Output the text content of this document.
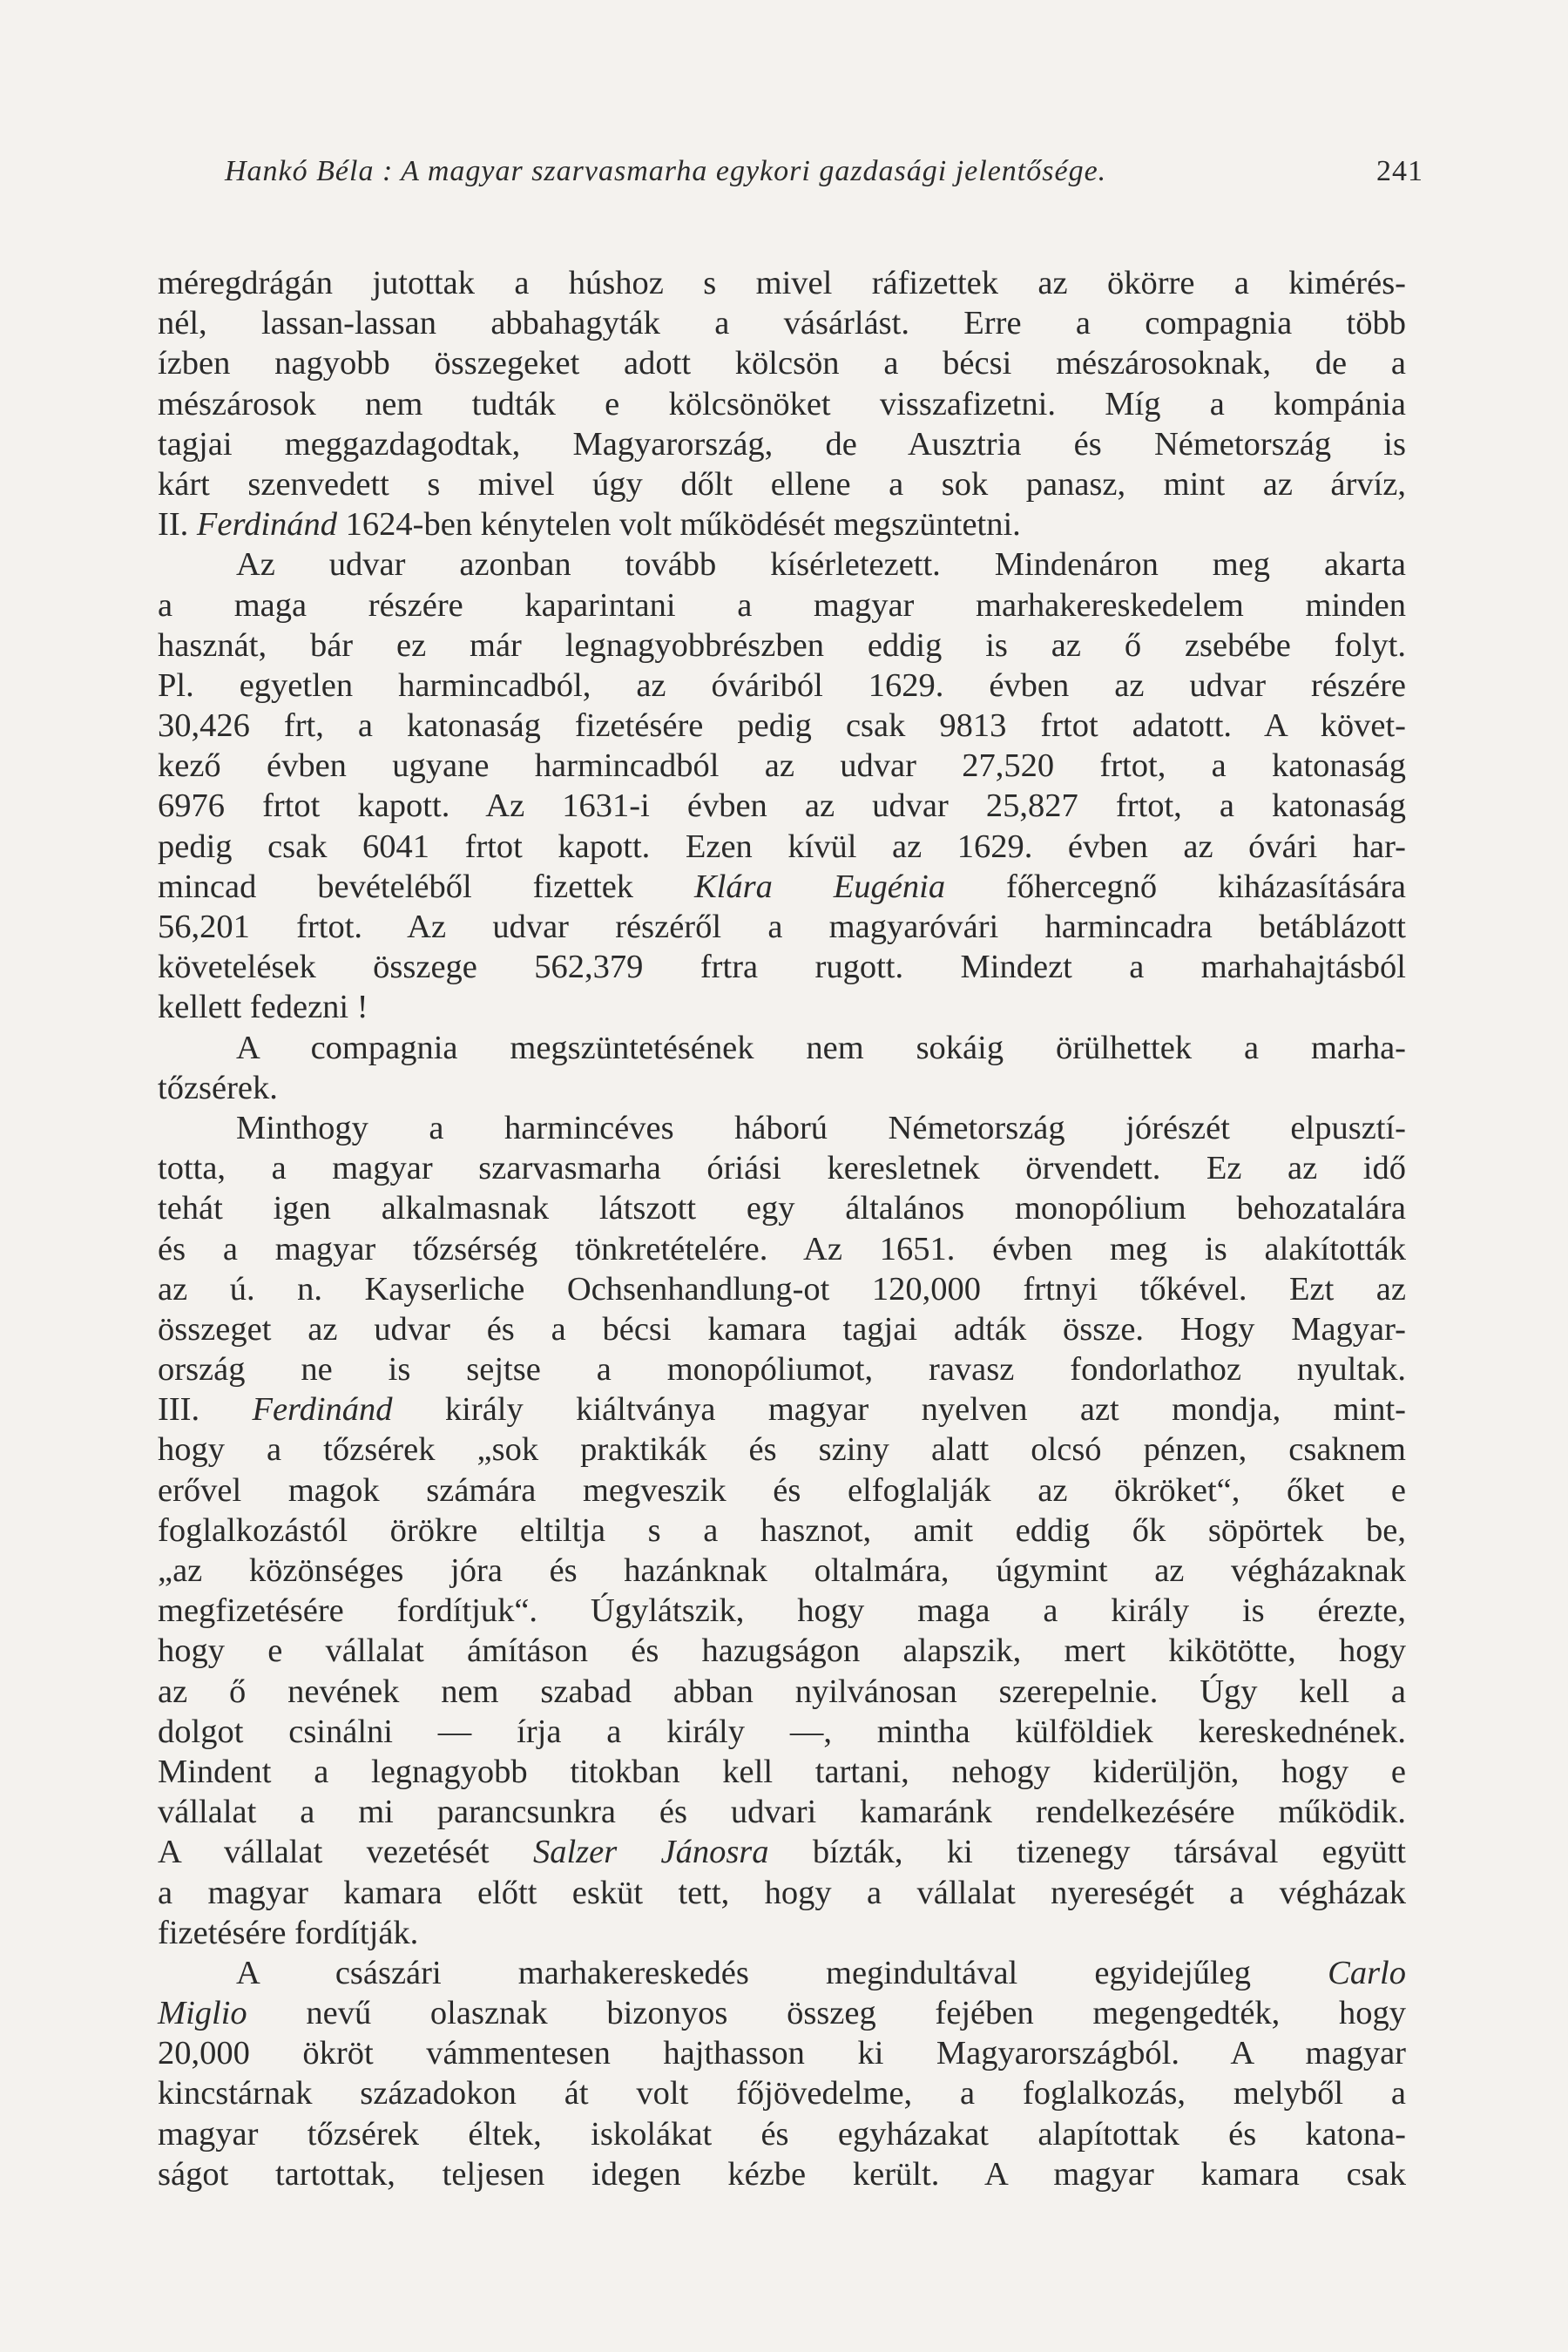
Hankó Béla : A magyar szarvasmarha egykori gazdasági jelentősége.	241

méregdrágán jutottak a húshoz s mivel ráfizettek az ökörre a kimérés-
nél, lassan-lassan abbahagyták a vásárlást. Erre a compagnia több
ízben nagyobb összegeket adott kölcsön a bécsi mészárosoknak, de a
mészárosok nem tudták e kölcsönöket visszafizetni. Míg a kompánia
tagjai meggazdagodtak, Magyarország, de Ausztria és Németország is
kárt szenvedett s mivel úgy dőlt ellene a sok panasz, mint az árvíz,
II. Ferdinánd 1624-ben kénytelen volt működését megszüntetni.

Az udvar azonban tovább kísérletezett. Mindenáron meg akarta
a maga részére kaparintani a magyar marhakereskedelem minden
hasznát, bár ez már legnagyobbrészben eddig is az ő zsebébe folyt.
Pl. egyetlen harmincadból, az óváriból 1629. évben az udvar részére
30,426 frt, a katonaság fizetésére pedig csak 9813 frtot adatott. A követ-
kező évben ugyane harmincadból az udvar 27,520 frtot, a katonaság
6976 frtot kapott. Az 1631-i évben az udvar 25,827 frtot, a katonaság
pedig csak 6041 frtot kapott. Ezen kívül az 1629. évben az óvári har-
mincad bevételéből fizettek Klára Eugénia főhercegnő kiházasítására
56,201 frtot. Az udvar részéről a magyaróvári harmincadra betáblázott
követelések összege 562,379 frtra rugott. Mindezt a marhahajtásból
kellett fedezni !

A compagnia megszüntetésének nem sokáig örülhettek a marha-
tőzsérek.

Minthogy a harmincéves háború Németország jórészét elpusztí-
totta, a magyar szarvasmarha óriási keresletnek örvendett. Ez az idő
tehát igen alkalmasnak látszott egy általános monopólium behozatalára
és a magyar tőzsérség tönkretételére. Az 1651. évben meg is alakították
az ú. n. Kayserliche Ochsenhandlung-ot 120,000 frtnyi tőkével. Ezt az
összeget az udvar és a bécsi kamara tagjai adták össze. Hogy Magyar-
ország ne is sejtse a monopóliumot, ravasz fondorlathoz nyultak.
III. Ferdinánd király kiáltványa magyar nyelven azt mondja, mint-
hogy a tőzsérek „sok praktikák és sziny alatt olcsó pénzen, csaknem
erővel magok számára megveszik és elfoglalják az ökröket“, őket e
foglalkozástól örökre eltiltja s a hasznot, amit eddig ők söpörtek be,
„az közönséges jóra és hazánknak oltalmára, úgymint az végházaknak
megfizetésére fordítjuk“. Úgylátszik, hogy maga a király is érezte,
hogy e vállalat ámításon és hazugságon alapszik, mert kikötötte, hogy
az ő nevének nem szabad abban nyilvánosan szerepelnie. Úgy kell a
dolgot csinálni — írja a király —, mintha külföldiek kereskednének.
Mindent a legnagyobb titokban kell tartani, nehogy kiderüljön, hogy e
vállalat a mi parancsunkra és udvari kamaránk rendelkezésére működik.
A vállalat vezetését Salzer Jánosra bízták, ki tizenegy társával együtt
a magyar kamara előtt esküt tett, hogy a vállalat nyereségét a végházak
fizetésére fordítják.

A császári marhakereskedés megindultával egyidejűleg Carlo
Miglio nevű olasznak bizonyos összeg fejében megengedték, hogy
20,000 ökröt vámmentesen hajthasson ki Magyarországból. A magyar
kincstárnak századokon át volt főjövedelme, a foglalkozás, melyből a
magyar tőzsérek éltek, iskolákat és egyházakat alapítottak és katona-
ságot tartottak, teljesen idegen kézbe került. A magyar kamara csak
